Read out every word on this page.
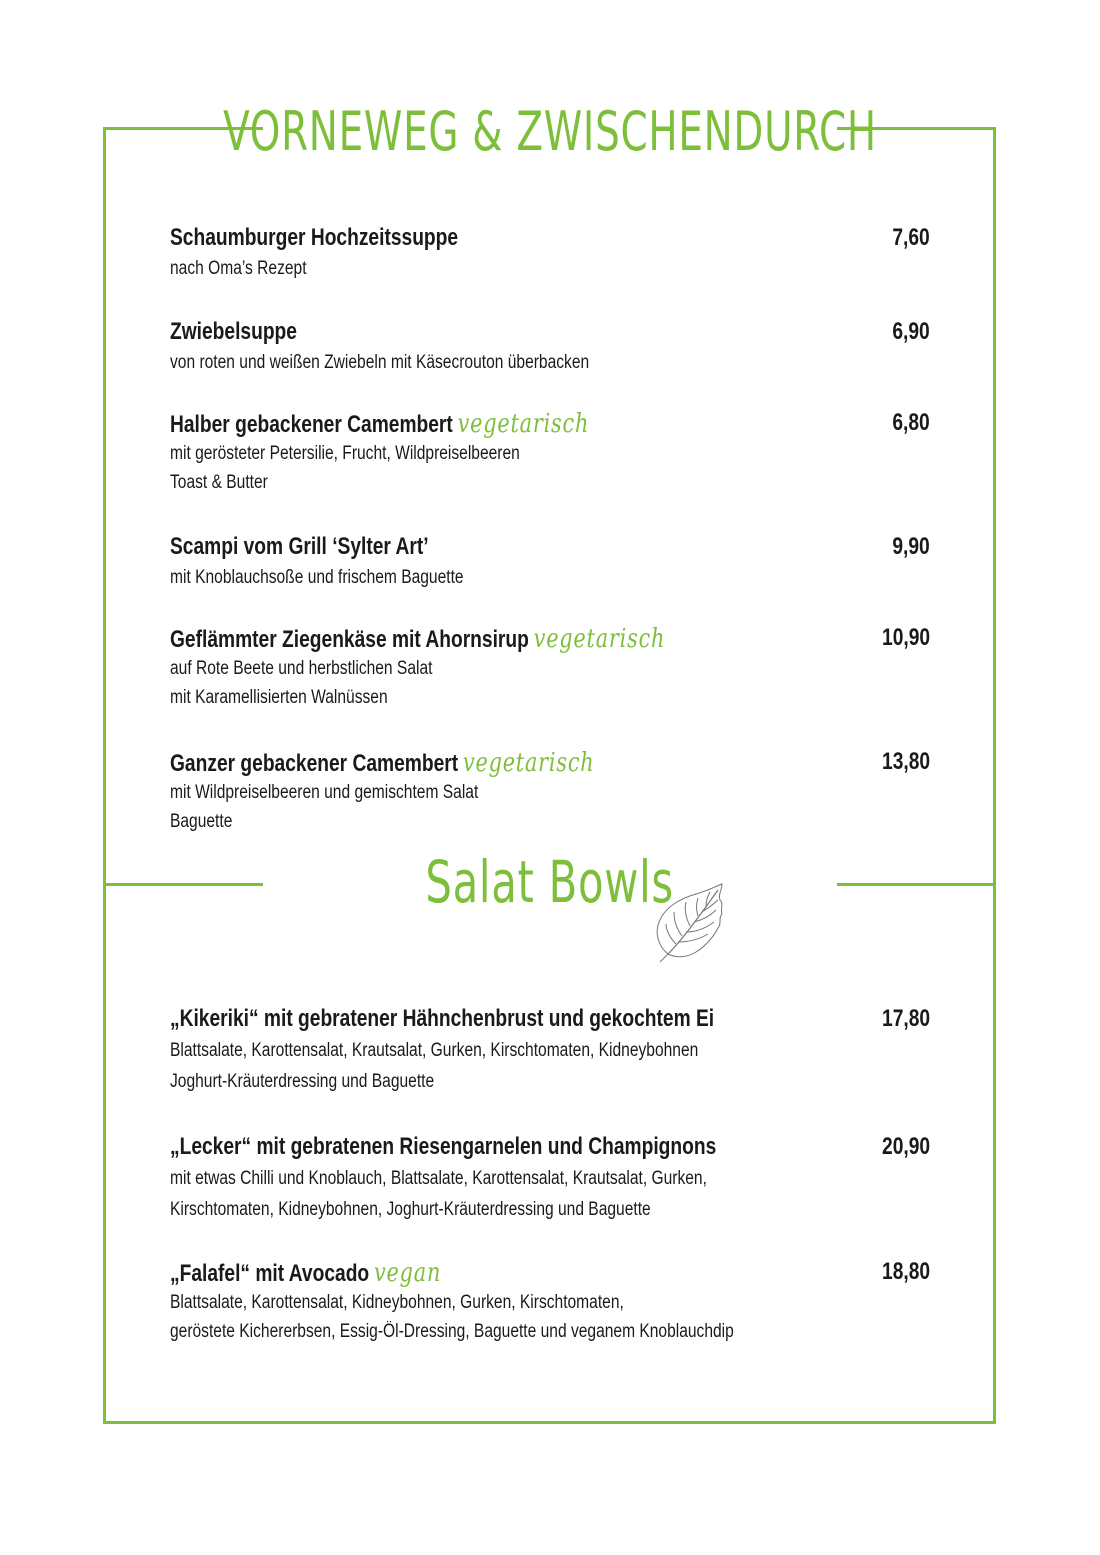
VORNEWEG & ZWISCHENDURCH
Schaumburger Hochzeitssuppe	7,60
nach Oma’s Rezept
Zwiebelsuppe	6,90
von roten und weißen Zwiebeln mit Käsecrouton überbacken
Halber gebackener Camembert vegetarisch	6,80
mit gerösteter Petersilie, Frucht, Wildpreiselbeeren
Toast & Butter
Scampi vom Grill ‘Sylter Art’	9,90
mit Knoblauchsoße und frischem Baguette
Geflämmter Ziegenkäse mit Ahornsirup vegetarisch	10,90
auf Rote Beete und herbstlichen Salat
mit Karamellisierten Walnüssen
Ganzer gebackener Camembert vegetarisch	13,80
mit Wildpreiselbeeren und gemischtem Salat
Baguette
Salat Bowls
„Kikeriki“ mit gebratener Hähnchenbrust und gekochtem Ei	17,80
Blattsalate, Karottensalat, Krautsalat, Gurken, Kirschtomaten, Kidneybohnen
Joghurt-Kräuterdressing und Baguette
„Lecker“ mit gebratenen Riesengarnelen und Champignons	20,90
mit etwas Chilli und Knoblauch, Blattsalate, Karottensalat, Krautsalat, Gurken,
Kirschtomaten, Kidneybohnen, Joghurt-Kräuterdressing und Baguette
„Falafel“ mit Avocado vegan	18,80
Blattsalate, Karottensalat, Kidneybohnen, Gurken, Kirschtomaten,
geröstete Kichererbsen, Essig-Öl-Dressing, Baguette und veganem Knoblauchdip
